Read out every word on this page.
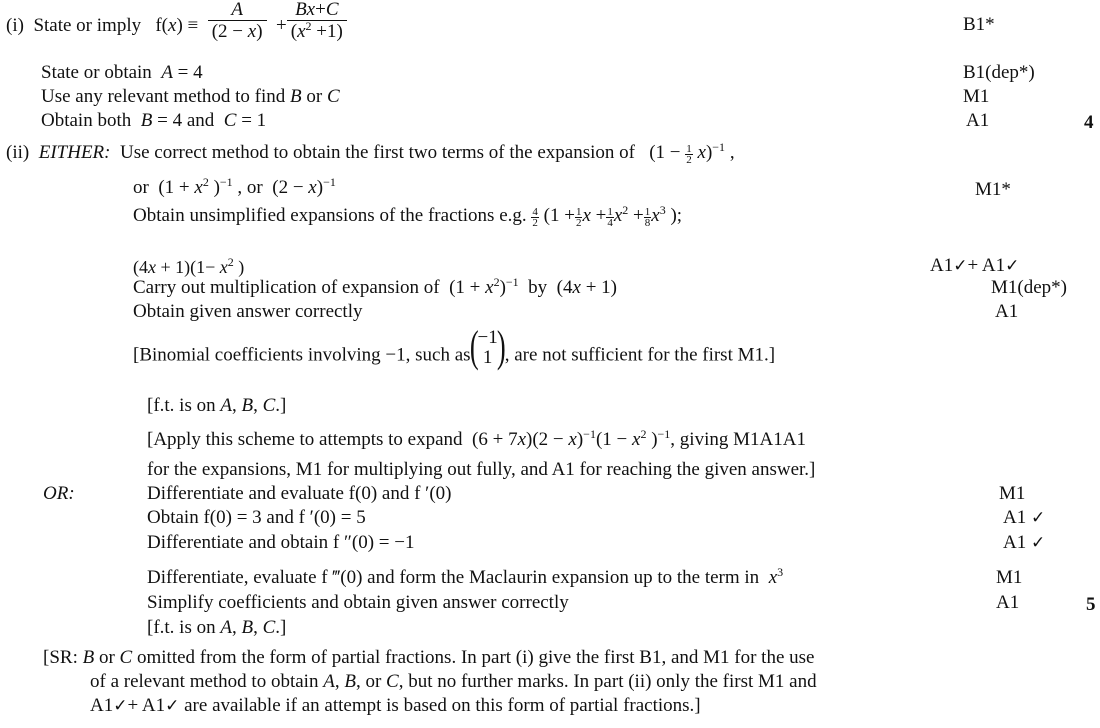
(i) State or imply $f(x) \equiv \frac{A}{(2 - x)} + \frac{Bx+C}{(x^2 +1)}$	B1*
State or obtain  A = 4	B1(dep*)
Use any relevant method to find B or C	M1
Obtain both  B = 4 and  C = 1	A1	4
(ii) EITHER: Use correct method to obtain the first two terms of the expansion of $(1 - \frac{1}{2} x)^{-1}$ ,
or  ($1 + x^2$ )$^{-1}$ , or  $(2 - x)^{-1}$	M1*
Obtain unsimplified expansions of the fractions e.g. $\frac{4}{2} (1 + \frac{1}{2}$ $x + \frac{1}{4} x^2 + \frac{1}{8} x^3$ );
$(4x + 1)(1- x^2$ )	A1✓+ A1✓
Carry out multiplication of expansion of  $(1 + x^2)^{-1}$  by  (4x + 1)	M1(dep*)
Obtain given answer correctly	A1
[Binomial coefficients involving −1, such as
( −1
1 )
, are not sufficient for the first M1.]
[f.t. is on A, B, C.]
[Apply this scheme to attempts to expand  $(6 + 7x)(2 - x)^{-1}(1 - x^2$ )$^{-1}$, giving M1A1A1
for the expansions, M1 for multiplying out fully, and A1 for reaching the given answer.]
OR:	Differentiate and evaluate f(0) and f ′(0)	M1
Obtain f(0) = 3 and f ′(0) = 5	A1 ✓
Differentiate and obtain f ″(0) = −1	A1 ✓
Differentiate, evaluate f ‴(0) and form the Maclaurin expansion up to the term in  $x^3$	M1
Simplify coefficients and obtain given answer correctly	A1	5
[f.t. is on A, B, C.]
[SR: B or C omitted from the form of partial fractions. In part (i) give the first B1, and M1 for the use
of a relevant method to obtain A, B, or C, but no further marks. In part (ii) only the first M1 and
A1✓+ A1✓ are available if an attempt is based on this form of partial fractions.]
